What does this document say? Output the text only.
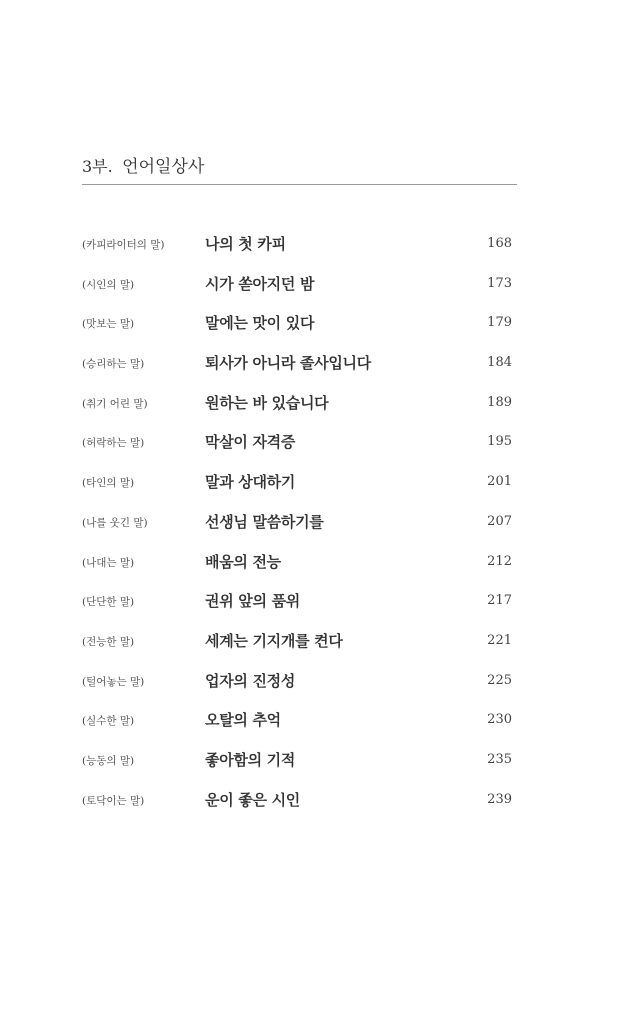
3부. 언어일상사
(카피라이터의 말)	나의 첫 카피	168
(시인의 말)	시가 쏟아지던 밤	173
(맛보는 말)	말에는 맛이 있다	179
(승리하는 말)	퇴사가 아니라 졸사입니다	184
(취기 어린 말)	원하는 바 있습니다	189
(허락하는 말)	막살이 자격증	195
(타인의 말)	말과 상대하기	201
(나를 웃긴 말)	선생님 말씀하기를	207
(나대는 말)	배움의 전능	212
(단단한 말)	권위 앞의 품위	217
(전능한 말)	세계는 기지개를 켠다	221
(털어놓는 말)	업자의 진정성	225
(실수한 말)	오탈의 추억	230
(능동의 말)	좋아함의 기적	235
(토닥이는 말)	운이 좋은 시인	239
